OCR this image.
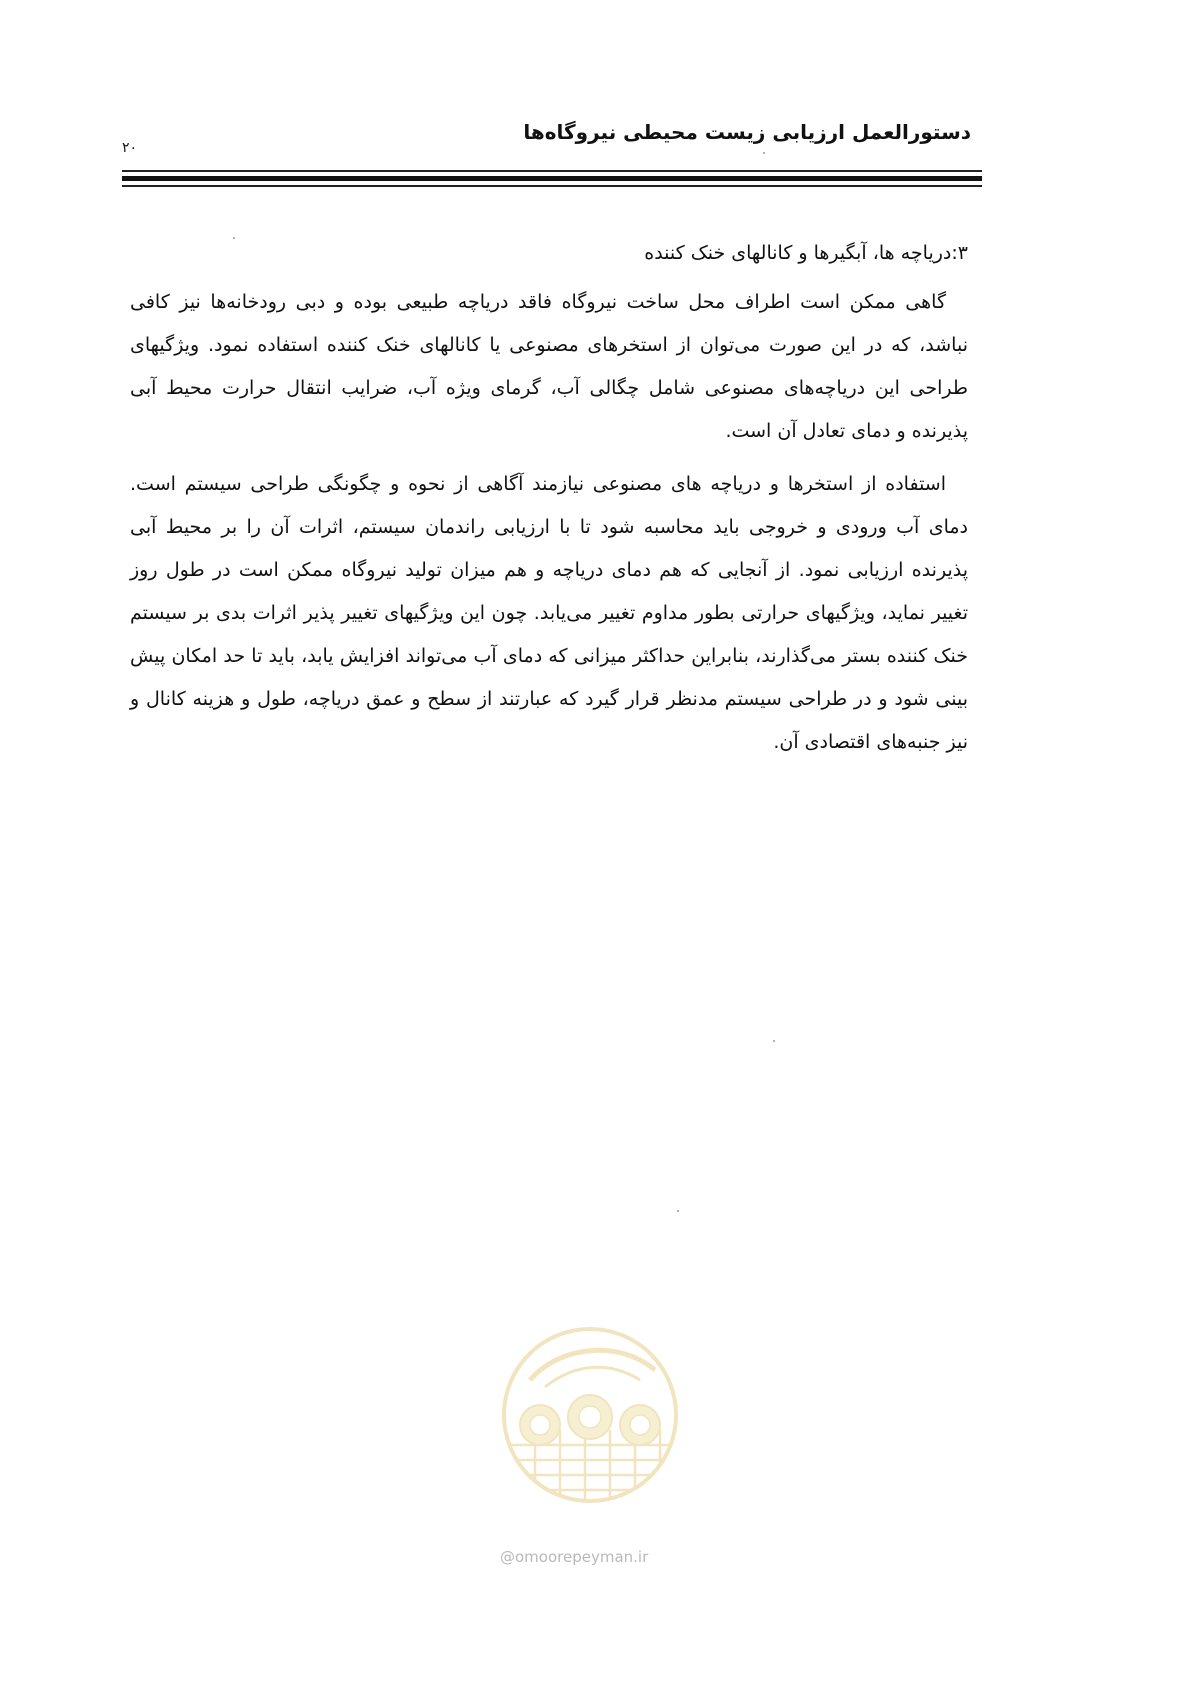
دستورالعمل ارزیابی زیست محیطی نیروگاه‌ها
۲۰
۳:دریاچه ها، آبگیرها و کانالهای خنک کننده

گاهی ممکن است اطراف محل ساخت نیروگاه فاقد دریاچه طبیعی بوده و دبی رودخانه‌ها نیز کافی نباشد، که در این صورت می‌توان از استخرهای مصنوعی یا کانالهای خنک کننده استفاده نمود. ویژگیهای طراحی این دریاچه‌های مصنوعی شامل چگالی آب، گرمای ویژه آب، ضرایب انتقال حرارت محیط آبی پذیرنده و دمای تعادل آن است.

استفاده از استخرها و دریاچه های مصنوعی نیازمند آگاهی از نحوه و چگونگی طراحی سیستم است. دمای آب ورودی و خروجی باید محاسبه شود تا با ارزیابی راندمان سیستم، اثرات آن را بر محیط آبی پذیرنده ارزیابی نمود. از آنجایی که هم دمای دریاچه و هم میزان تولید نیروگاه ممکن است در طول روز تغییر نماید، ویژگیهای حرارتی بطور مداوم تغییر می‌یابد. چون این ویژگیهای تغییر پذیر اثرات بدی بر سیستم خنک کننده بستر می‌گذارند، بنابراین حداکثر میزانی که دمای آب می‌تواند افزایش یابد، باید تا حد امکان پیش بینی شود و در طراحی سیستم مدنظر قرار گیرد که عبارتند از سطح و عمق دریاچه، طول و هزینه کانال و نیز جنبه‌های اقتصادی آن.

@omoorepeyman.ir
